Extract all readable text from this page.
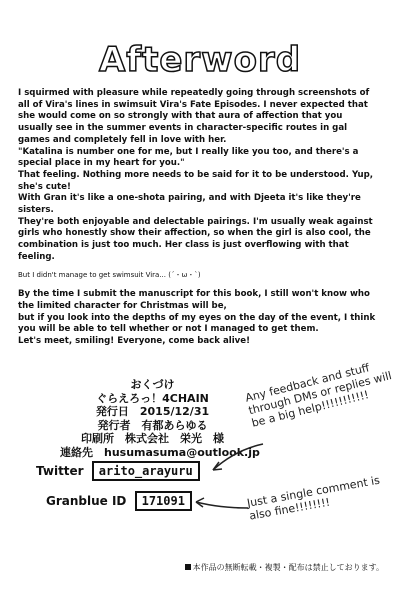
Afterword

I squirmed with pleasure while repeatedly going through screenshots of all of Vira's lines in swimsuit Vira's Fate Episodes. I never expected that she would come on so strongly with that aura of affection that you usually see in the summer events in character-specific routes in gal games and completely fell in love with her.

"Katalina is number one for me, but I really like you too, and there's a special place in my heart for you."

That feeling. Nothing more needs to be said for it to be understood. Yup, she's cute!

With Gran it's like a one-shota pairing, and with Djeeta it's like they're sisters.

They're both enjoyable and delectable pairings. I'm usually weak against girls who honestly show their affection, so when the girl is also cool, the combination is just too much. Her class is just overflowing with that feeling.

But I didn't manage to get swimsuit Vira... (´・ω・`)

By the time I submit the manuscript for this book, I still won't know who the limited character for Christmas will be,

but if you look into the depths of my eyes on the day of the event, I think you will be able to tell whether or not I managed to get them.

Let's meet, smiling! Everyone, come back alive!

おくづけ
ぐらえろっ！4CHAIN
発行日　2015/12/31
発行者　有都あらゆる
印刷所　株式会社　栄光　様
連絡先　husumasuma@outlook.jp
Twitter arito_arayuru
Granblue ID 171091
Any feedback and stuff through DMs or replies will be a big help!!!!!!!!!!!
Just a single comment is also fine!!!!!!!!
本作品の無断転載・複製・配布は禁止しております。
